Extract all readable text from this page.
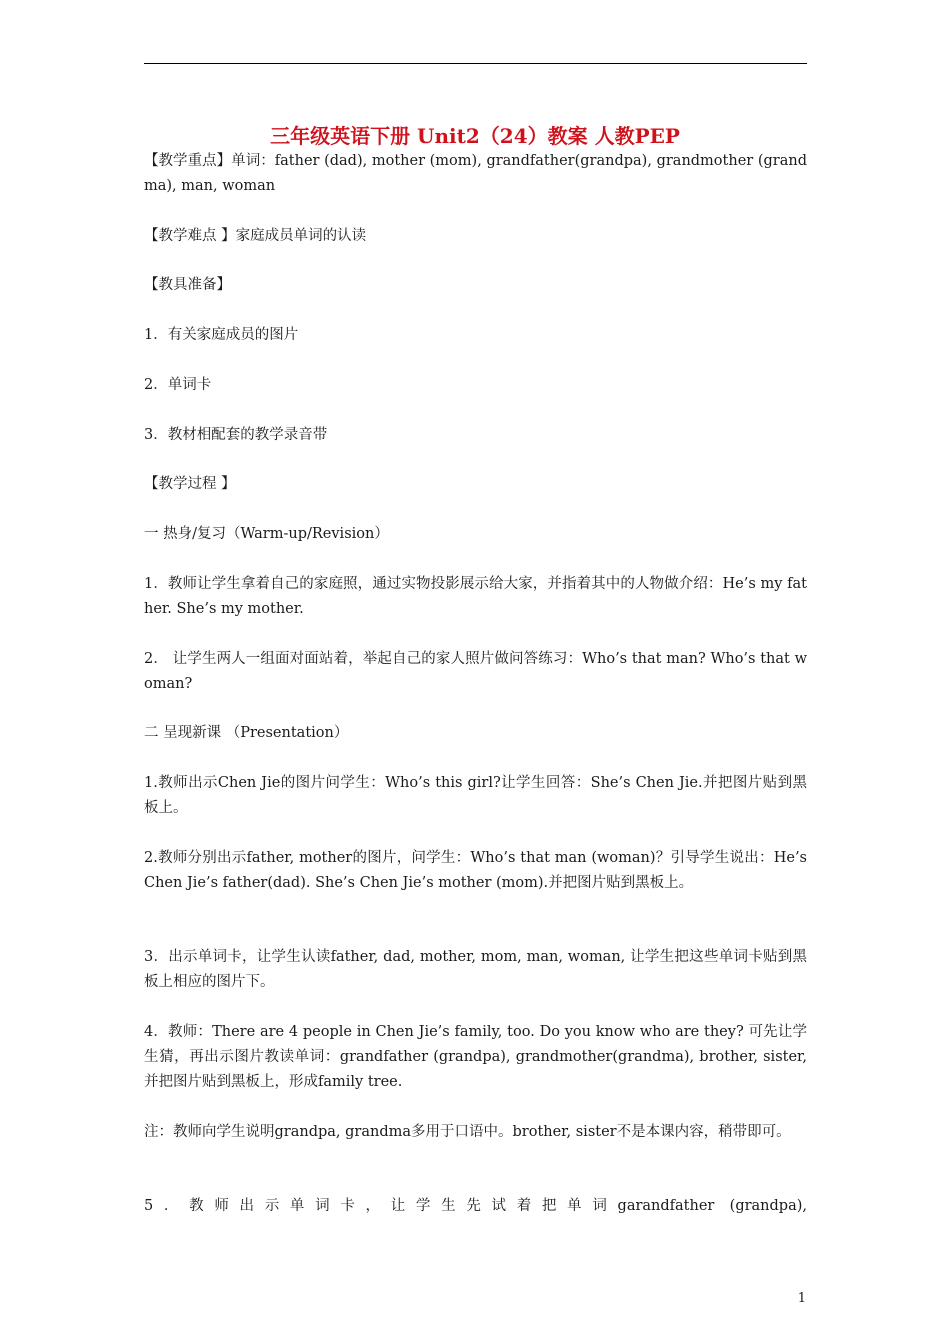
三年级英语下册 Unit2（24）教案 人教PEP

【教学重点】单词：father (dad), mother (mom), grandfather(grandpa), grandmother (grandma), man, woman

【教学难点 】家庭成员单词的认读

【教具准备】

1．有关家庭成员的图片

2．单词卡

3．教材相配套的教学录音带

【教学过程 】

一 热身/复习（Warm-up/Revision）

1．教师让学生拿着自己的家庭照，通过实物投影展示给大家，并指着其中的人物做介绍：He’s my father. She’s my mother.

2． 让学生两人一组面对面站着，举起自己的家人照片做问答练习：Who’s that man? Who’s that woman?

二 呈现新课 （Presentation）

1.教师出示Chen Jie的图片问学生：Who’s this girl?让学生回答：She’s Chen Jie.并把图片贴到黑板上。

2.教师分别出示father, mother的图片，问学生：Who’s that man (woman)？引导学生说出：He’s Chen Jie’s father(dad). She’s Chen Jie’s mother (mom).并把图片贴到黑板上。

3．出示单词卡，让学生认读father, dad, mother, mom, man, woman, 让学生把这些单词卡贴到黑板上相应的图片下。

4．教师：There are 4 people in Chen Jie’s family, too. Do you know who are they? 可先让学生猜，再出示图片教读单词：grandfather (grandpa), grandmother(grandma), brother, sister, 并把图片贴到黑板上，形成family tree.

注：教师向学生说明grandpa, grandma多用于口语中。brother, sister不是本课内容，稍带即可。

5．教师出示单词卡，让学生先试着把单词garandfather (grandpa),

1
